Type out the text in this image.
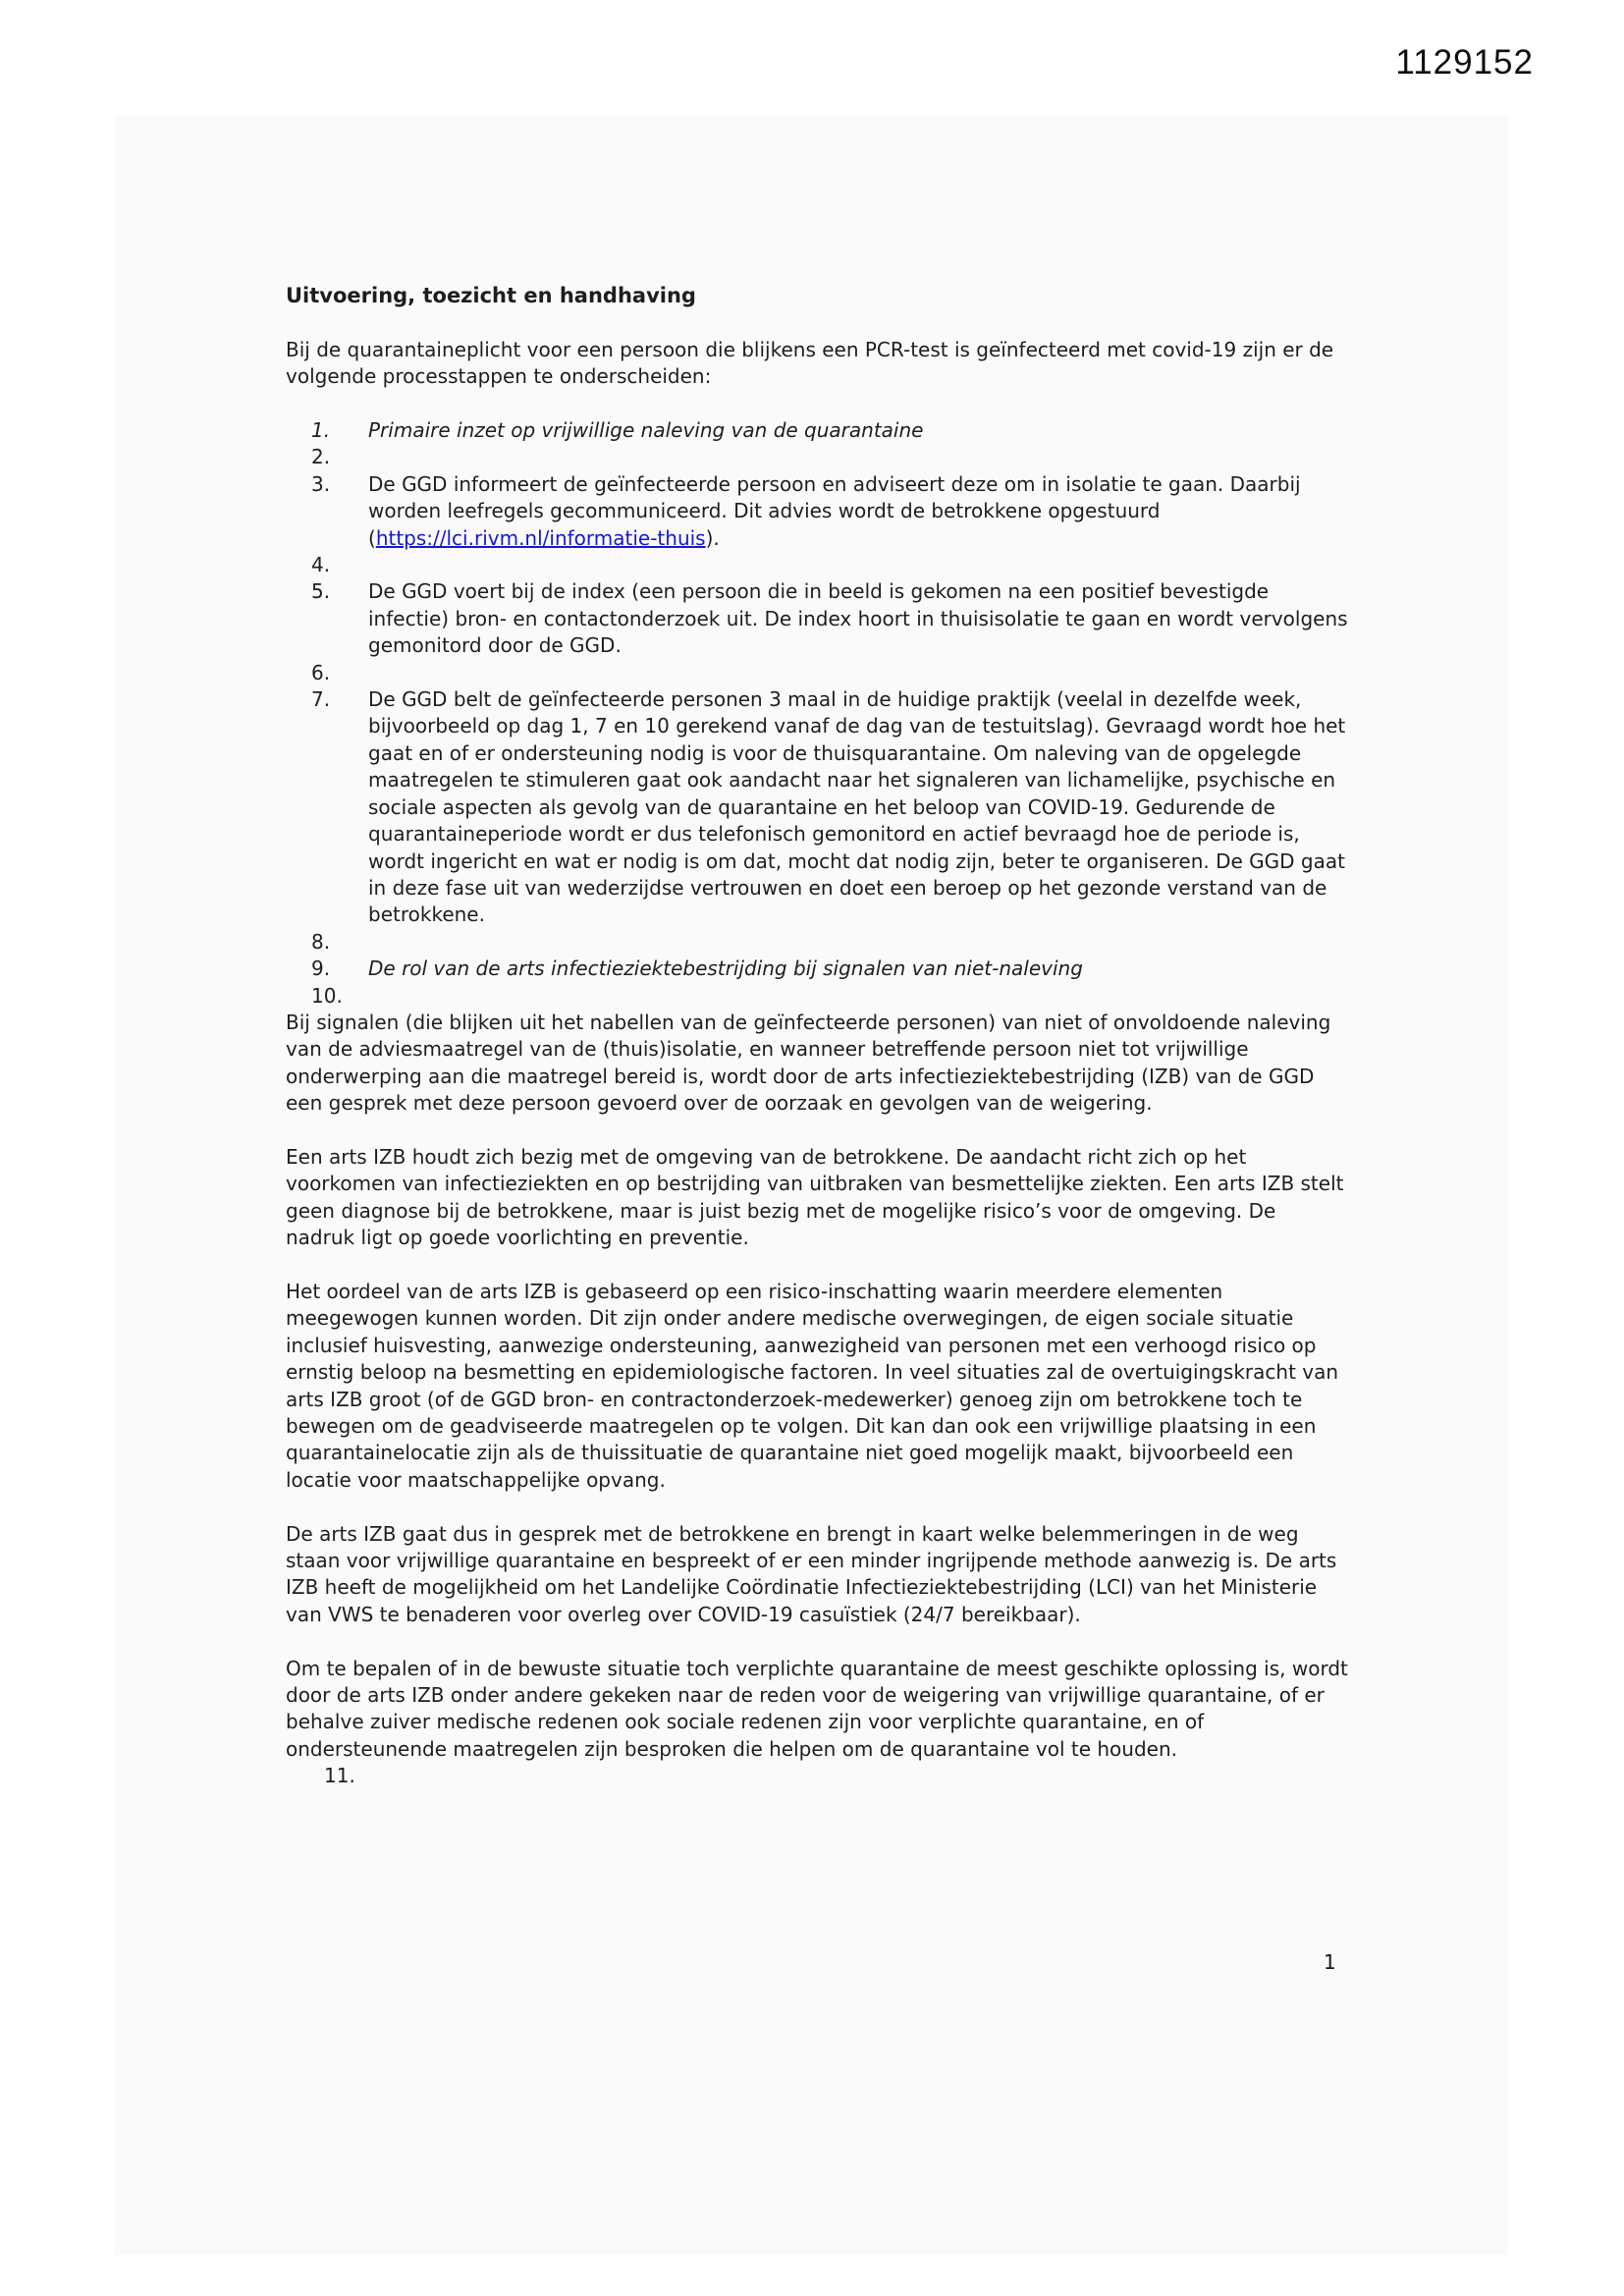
1129152
Uitvoering, toezicht en handhaving

Bij de quarantaineplicht voor een persoon die blijkens een PCR-test is geïnfecteerd met covid-19 zijn er de volgende processtappen te onderscheiden:

1.	Primaire inzet op vrijwillige naleving van de quarantaine
2.
3.	De GGD informeert de geïnfecteerde persoon en adviseert deze om in isolatie te gaan. Daarbij worden leefregels gecommuniceerd. Dit advies wordt de betrokkene opgestuurd (https://lci.rivm.nl/informatie-thuis).
4.
5.	De GGD voert bij de index (een persoon die in beeld is gekomen na een positief bevestigde infectie) bron- en contactonderzoek uit. De index hoort in thuisisolatie te gaan en wordt vervolgens gemonitord door de GGD.
6.
7.	De GGD belt de geïnfecteerde personen 3 maal in de huidige praktijk (veelal in dezelfde week, bijvoorbeeld op dag 1, 7 en 10 gerekend vanaf de dag van de testuitslag). Gevraagd wordt hoe het gaat en of er ondersteuning nodig is voor de thuisquarantaine. Om naleving van de opgelegde maatregelen te stimuleren gaat ook aandacht naar het signaleren van lichamelijke, psychische en sociale aspecten als gevolg van de quarantaine en het beloop van COVID-19. Gedurende de quarantaineperiode wordt er dus telefonisch gemonitord en actief bevraagd hoe de periode is, wordt ingericht en wat er nodig is om dat, mocht dat nodig zijn, beter te organiseren. De GGD gaat in deze fase uit van wederzijdse vertrouwen en doet een beroep op het gezonde verstand van de betrokkene.
8.
9.	De rol van de arts infectieziektebestrijding bij signalen van niet-naleving
10.

Bij signalen (die blijken uit het nabellen van de geïnfecteerde personen) van niet of onvoldoende naleving van de adviesmaatregel van de (thuis)isolatie, en wanneer betreffende persoon niet tot vrijwillige onderwerping aan die maatregel bereid is, wordt door de arts infectieziektebestrijding (IZB) van de GGD een gesprek met deze persoon gevoerd over de oorzaak en gevolgen van de weigering.

Een arts IZB houdt zich bezig met de omgeving van de betrokkene. De aandacht richt zich op het voorkomen van infectieziekten en op bestrijding van uitbraken van besmettelijke ziekten. Een arts IZB stelt geen diagnose bij de betrokkene, maar is juist bezig met de mogelijke risico’s voor de omgeving. De nadruk ligt op goede voorlichting en preventie.

Het oordeel van de arts IZB is gebaseerd op een risico-inschatting waarin meerdere elementen meegewogen kunnen worden. Dit zijn onder andere medische overwegingen, de eigen sociale situatie inclusief huisvesting, aanwezige ondersteuning, aanwezigheid van personen met een verhoogd risico op ernstig beloop na besmetting en epidemiologische factoren. In veel situaties zal de overtuigingskracht van arts IZB groot (of de GGD bron- en contractonderzoek-medewerker) genoeg zijn om betrokkene toch te bewegen om de geadviseerde maatregelen op te volgen. Dit kan dan ook een vrijwillige plaatsing in een quarantainelocatie zijn als de thuissituatie de quarantaine niet goed mogelijk maakt, bijvoorbeeld een locatie voor maatschappelijke opvang.

De arts IZB gaat dus in gesprek met de betrokkene en brengt in kaart welke belemmeringen in de weg staan voor vrijwillige quarantaine en bespreekt of er een minder ingrijpende methode aanwezig is. De arts IZB heeft de mogelijkheid om het Landelijke Coördinatie Infectieziektebestrijding (LCI) van het Ministerie van VWS te benaderen voor overleg over COVID-19 casuïstiek (24/7 bereikbaar).

Om te bepalen of in de bewuste situatie toch verplichte quarantaine de meest geschikte oplossing is, wordt door de arts IZB onder andere gekeken naar de reden voor de weigering van vrijwillige quarantaine, of er behalve zuiver medische redenen ook sociale redenen zijn voor verplichte quarantaine, en of ondersteunende maatregelen zijn besproken die helpen om de quarantaine vol te houden.

11.

1
